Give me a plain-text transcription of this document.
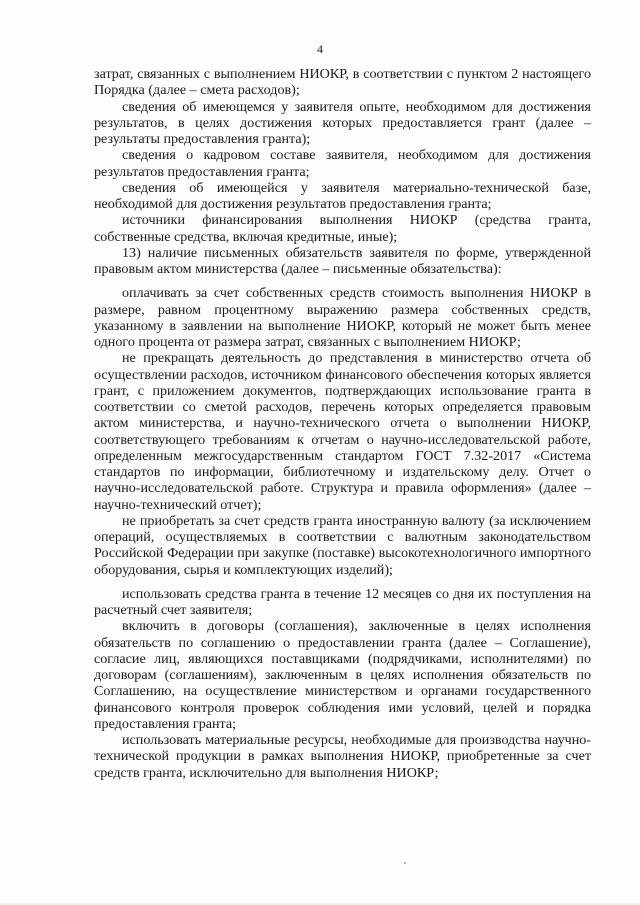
4

затрат, связанных с выполнением НИОКР, в соответствии с пунктом 2 настоящего Порядка (далее – смета расходов);

сведения об имеющемся у заявителя опыте, необходимом для достижения результатов, в целях достижения которых предоставляется грант (далее – результаты предоставления гранта);

сведения о кадровом составе заявителя, необходимом для достижения результатов предоставления гранта;

сведения об имеющейся у заявителя материально-технической базе, необходимой для достижения результатов предоставления гранта;

источники финансирования выполнения НИОКР (средства гранта, собственные средства, включая кредитные, иные);

13) наличие письменных обязательств заявителя по форме, утвержденной правовым актом министерства (далее – письменные обязательства):

оплачивать за счет собственных средств стоимость выполнения НИОКР в размере, равном процентному выражению размера собственных средств, указанному в заявлении на выполнение НИОКР, который не может быть менее одного процента от размера затрат, связанных с выполнением НИОКР;

не прекращать деятельность до представления в министерство отчета об осуществлении расходов, источником финансового обеспечения которых является грант, с приложением документов, подтверждающих использование гранта в соответствии со сметой расходов, перечень которых определяется правовым актом министерства, и научно-технического отчета о выполнении НИОКР, соответствующего требованиям к отчетам о научно-исследовательской работе, определенным межгосударственным стандартом ГОСТ 7.32-2017 «Система стандартов по информации, библиотечному и издательскому делу. Отчет о научно-исследовательской работе. Структура и правила оформления» (далее – научно-технический отчет);

не приобретать за счет средств гранта иностранную валюту (за исключением операций, осуществляемых в соответствии с валютным законодательством Российской Федерации при закупке (поставке) высокотехнологичного импортного оборудования, сырья и комплектующих изделий);

использовать средства гранта в течение 12 месяцев со дня их поступления на расчетный счет заявителя;

включить в договоры (соглашения), заключенные в целях исполнения обязательств по соглашению о предоставлении гранта (далее – Соглашение), согласие лиц, являющихся поставщиками (подрядчиками, исполнителями) по договорам (соглашениям), заключенным в целях исполнения обязательств по Соглашению, на осуществление министерством и органами государственного финансового контроля проверок соблюдения ими условий, целей и порядка предоставления гранта;

использовать материальные ресурсы, необходимые для производства научно-технической продукции в рамках выполнения НИОКР, приобретенные за счет средств гранта, исключительно для выполнения НИОКР;
